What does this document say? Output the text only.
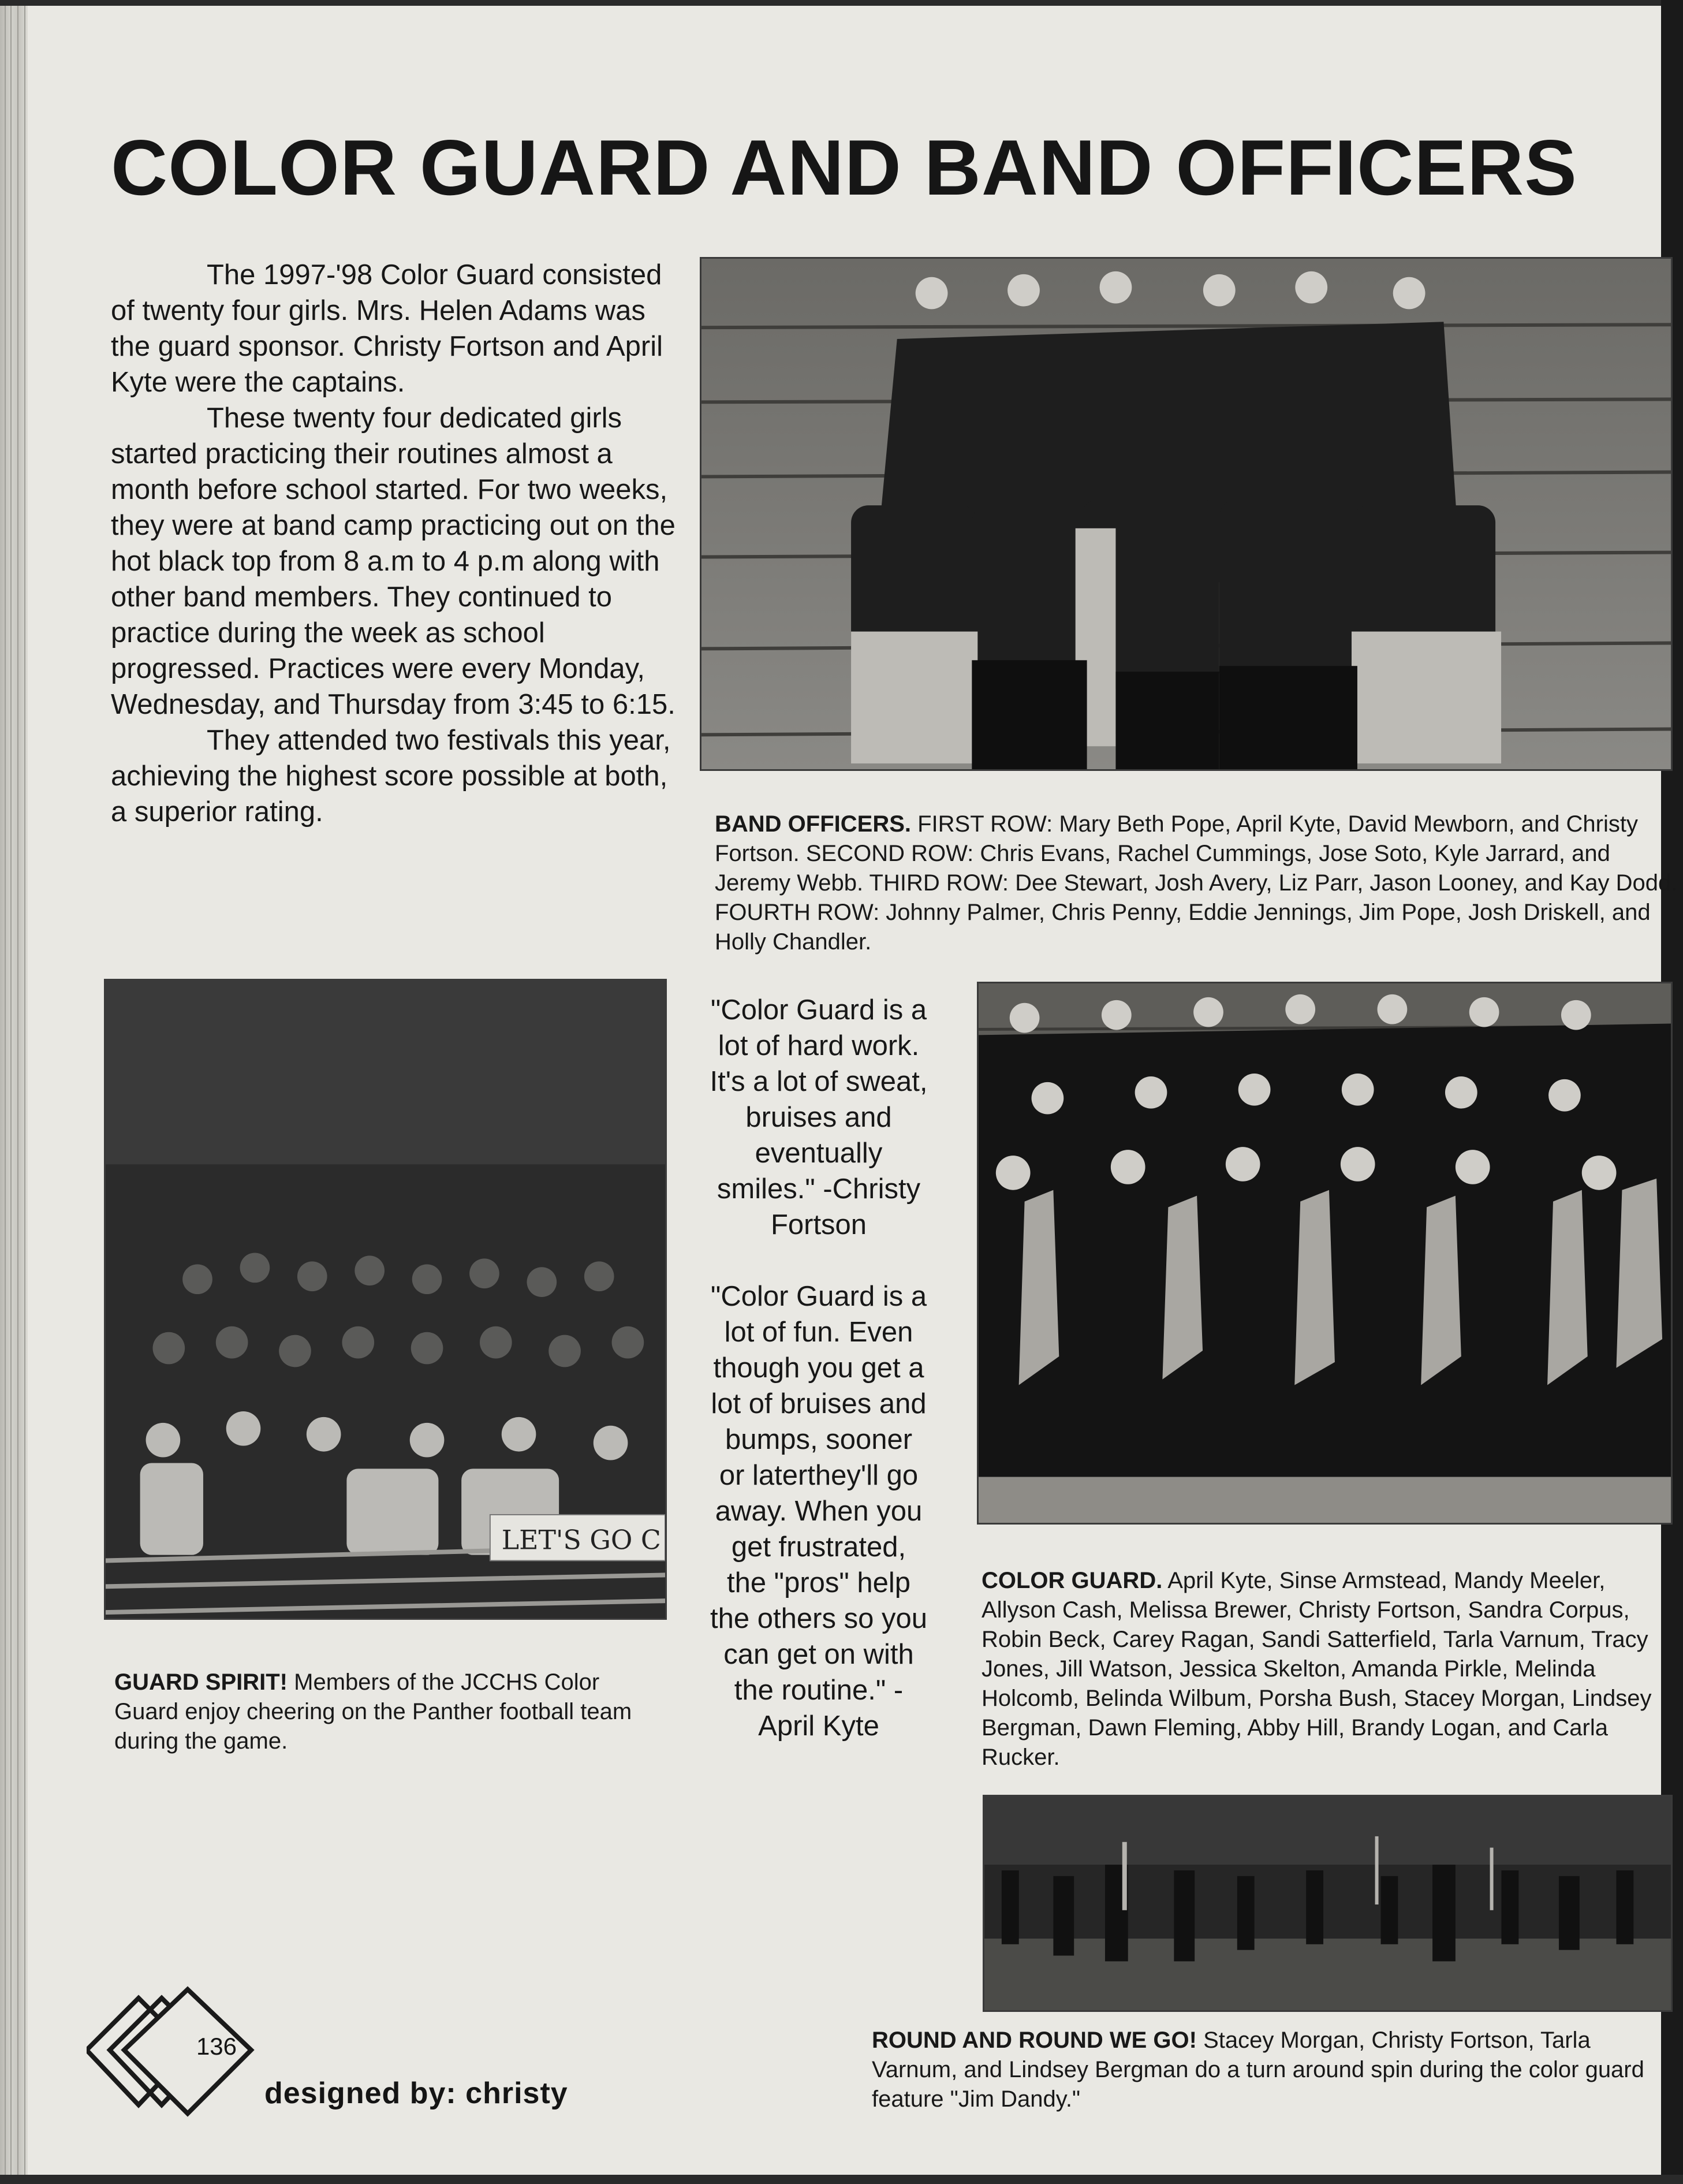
COLOR GUARD AND BAND OFFICERS

The 1997-'98 Color Guard consisted of twenty four girls. Mrs. Helen Adams was the guard sponsor. Christy Fortson and April Kyte were the captains.

These twenty four dedicated girls started practicing their routines almost a month before school started. For two weeks, they were at band camp practicing out on the hot black top from 8 a.m to 4 p.m along with other band members. They continued to practice during the week as school progressed. Practices were every Monday, Wednesday, and Thursday from 3:45 to 6:15.

They attended two festivals this year, achieving the highest score possible at both, a superior rating.	BAND OFFICERS. FIRST ROW: Mary Beth Pope, April Kyte, David Mewborn, and Christy Fortson. SECOND ROW: Chris Evans, Rachel Cummings, Jose Soto, Kyle Jarrard, and Jeremy Webb. THIRD ROW: Dee Stewart, Josh Avery, Liz Parr, Jason Looney, and Kay Dodd. FOURTH ROW: Johnny Palmer, Chris Penny, Eddie Jennings, Jim Pope, Josh Driskell, and Holly Chandler.

LET'S GO C

GUARD SPIRIT! Members of the JCCHS Color Guard enjoy cheering on the Panther football team during the game.

"Color Guard is a lot of hard work. It's a lot of sweat, bruises and eventually smiles." -Christy Fortson

"Color Guard is a lot of fun. Even though you get a lot of bruises and bumps, sooner or laterthey'll go away. When you get frustrated, the "pros" help the others so you can get on with the routine." -April Kyte

COLOR GUARD. April Kyte, Sinse Armstead, Mandy Meeler, Allyson Cash, Melissa Brewer, Christy Fortson, Sandra Corpus, Robin Beck, Carey Ragan, Sandi Satterfield, Tarla Varnum, Tracy Jones, Jill Watson, Jessica Skelton, Amanda Pirkle, Melinda Holcomb, Belinda Wilbum, Porsha Bush, Stacey Morgan, Lindsey Bergman, Dawn Fleming, Abby Hill, Brandy Logan, and Carla Rucker.

ROUND AND ROUND WE GO! Stacey Morgan, Christy Fortson, Tarla Varnum, and Lindsey Bergman do a turn around spin during the color guard feature "Jim Dandy."

136
designed by: christy
